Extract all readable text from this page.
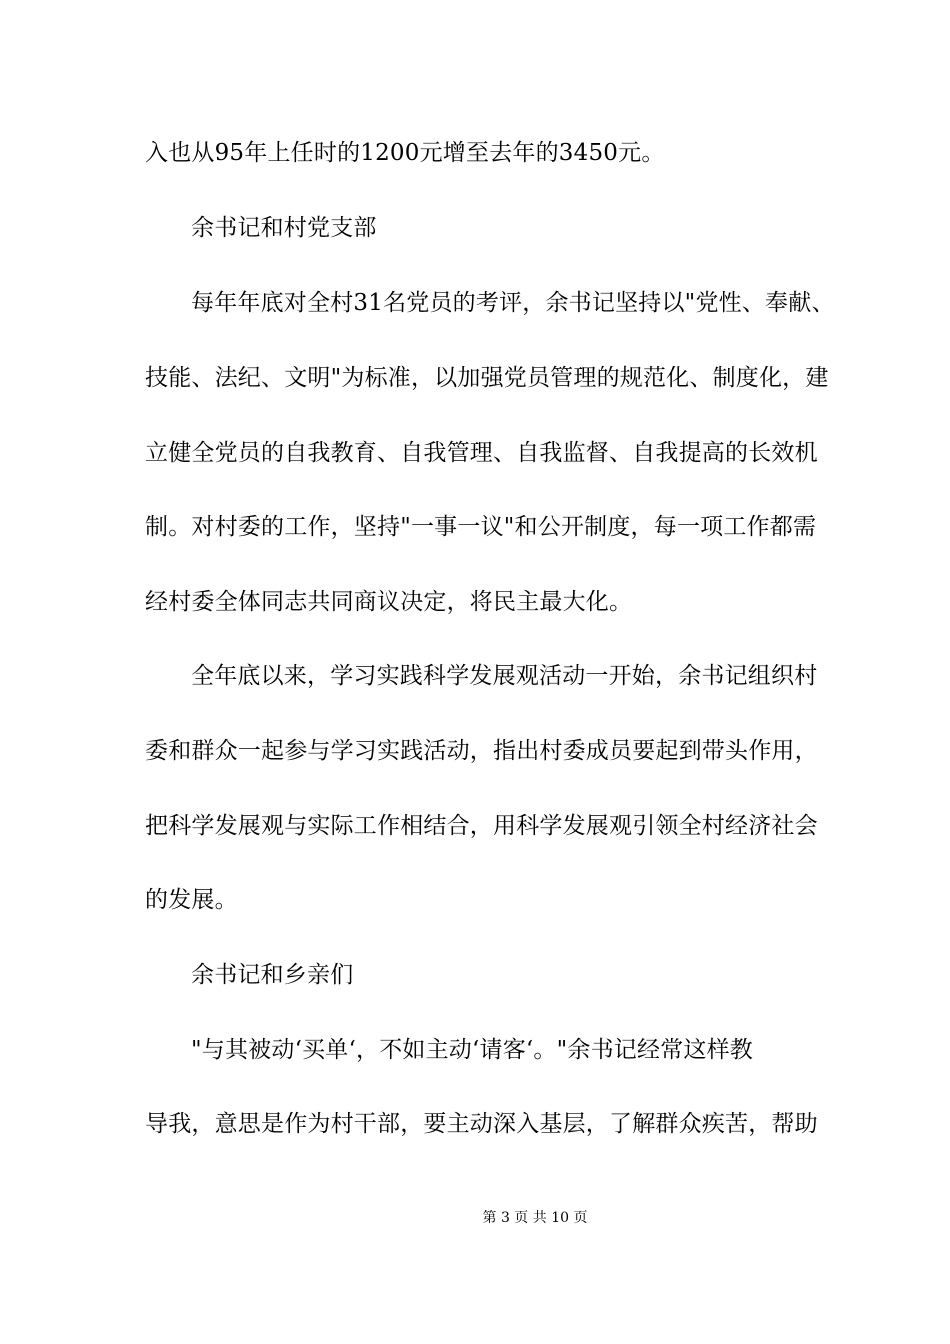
入也从95年上任时的1200元增至去年的3450元。
余书记和村党支部
每年年底对全村31名党员的考评，余书记坚持以"党性、奉献、
技能、法纪、文明"为标准，以加强党员管理的规范化、制度化，建
立健全党员的自我教育、自我管理、自我监督、自我提高的长效机
制。对村委的工作，坚持"一事一议"和公开制度，每一项工作都需
经村委全体同志共同商议决定，将民主最大化。
全年底以来，学习实践科学发展观活动一开始，余书记组织村
委和群众一起参与学习实践活动，指出村委成员要起到带头作用，
把科学发展观与实际工作相结合，用科学发展观引领全村经济社会
的发展。
余书记和乡亲们
"与其被动‘买单‘，不如主动‘请客‘。"余书记经常这样教
导我，意思是作为村干部，要主动深入基层，了解群众疾苦，帮助
第 3 页 共 10 页
